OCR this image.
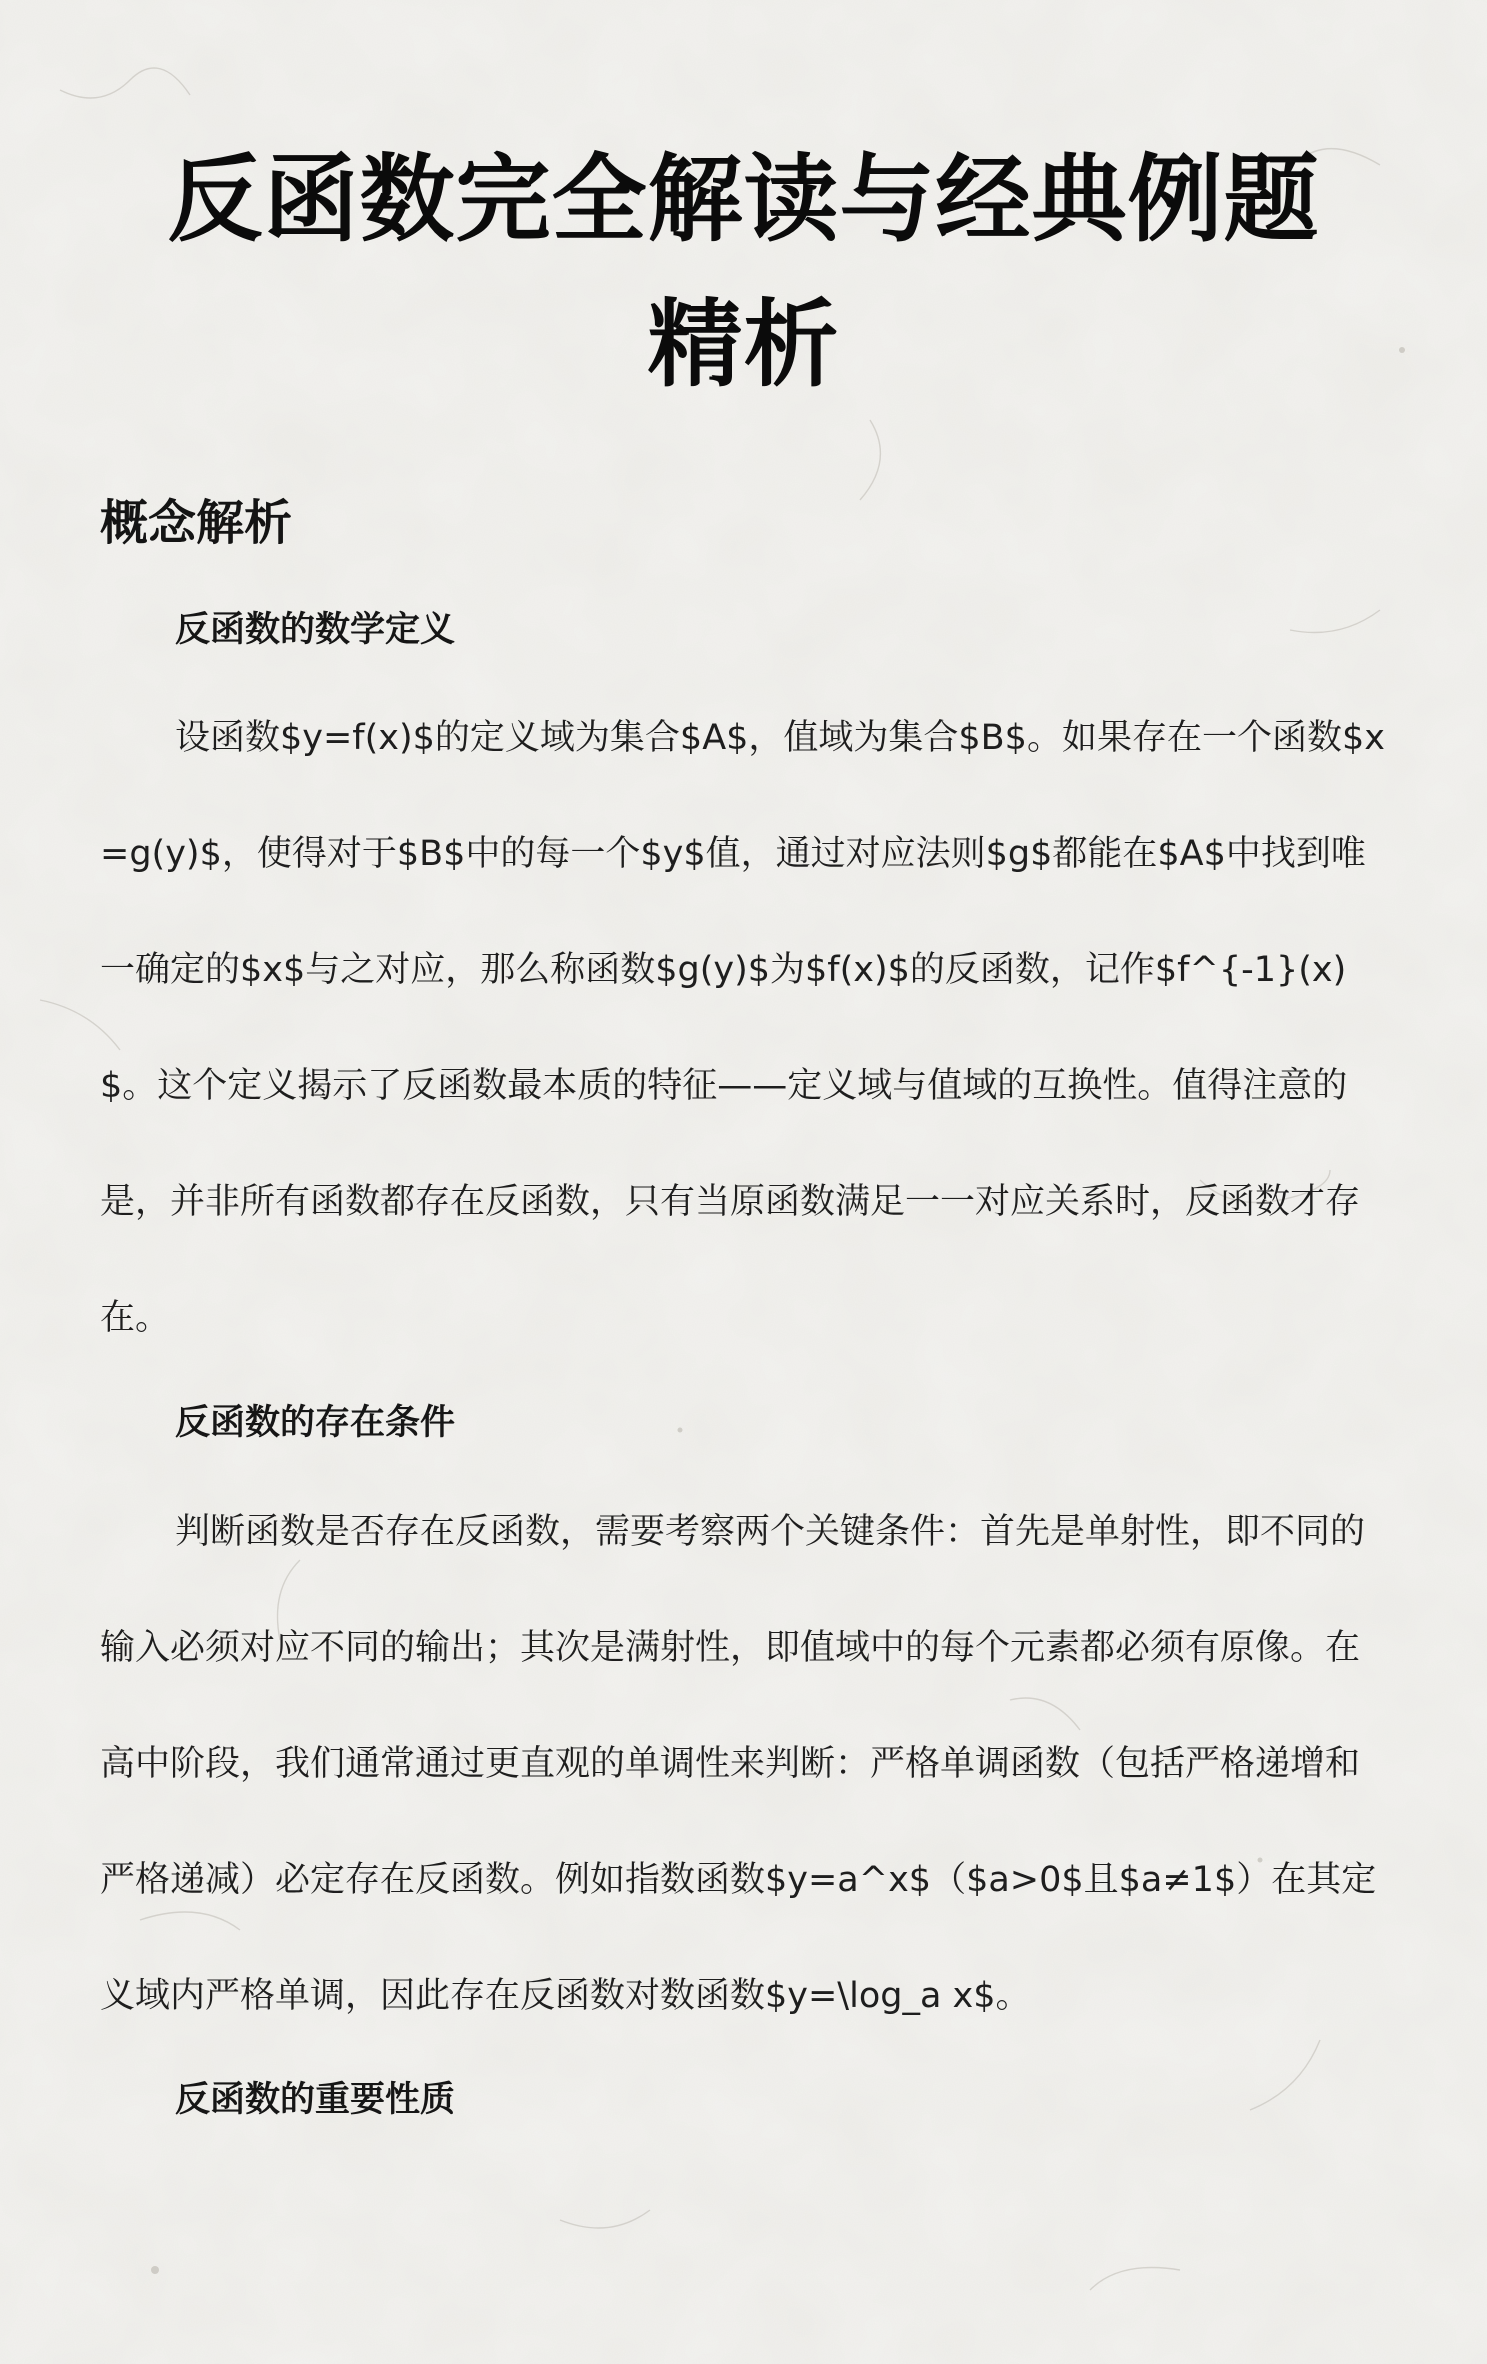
反函数完全解读与经典例题精析
概念解析
反函数的数学定义

设函数$y=f(x)$的定义域为集合$A$，值域为集合$B$。如果存在一个函数$x=g(y)$，使得对于$B$中的每一个$y$值，通过对应法则$g$都能在$A$中找到唯一确定的$x$与之对应，那么称函数$g(y)$为$f(x)$的反函数，记作$f^{-1}(x)$。这个定义揭示了反函数最本质的特征——定义域与值域的互换性。值得注意的是，并非所有函数都存在反函数，只有当原函数满足一一对应关系时，反函数才存在。

反函数的存在条件

判断函数是否存在反函数，需要考察两个关键条件：首先是单射性，即不同的输入必须对应不同的输出；其次是满射性，即值域中的每个元素都必须有原像。在高中阶段，我们通常通过更直观的单调性来判断：严格单调函数（包括严格递增和严格递减）必定存在反函数。例如指数函数$y=a^x$（$a>0$且$a≠1$）在其定义域内严格单调，因此存在反函数对数函数$y=\log_a x$。

反函数的重要性质
